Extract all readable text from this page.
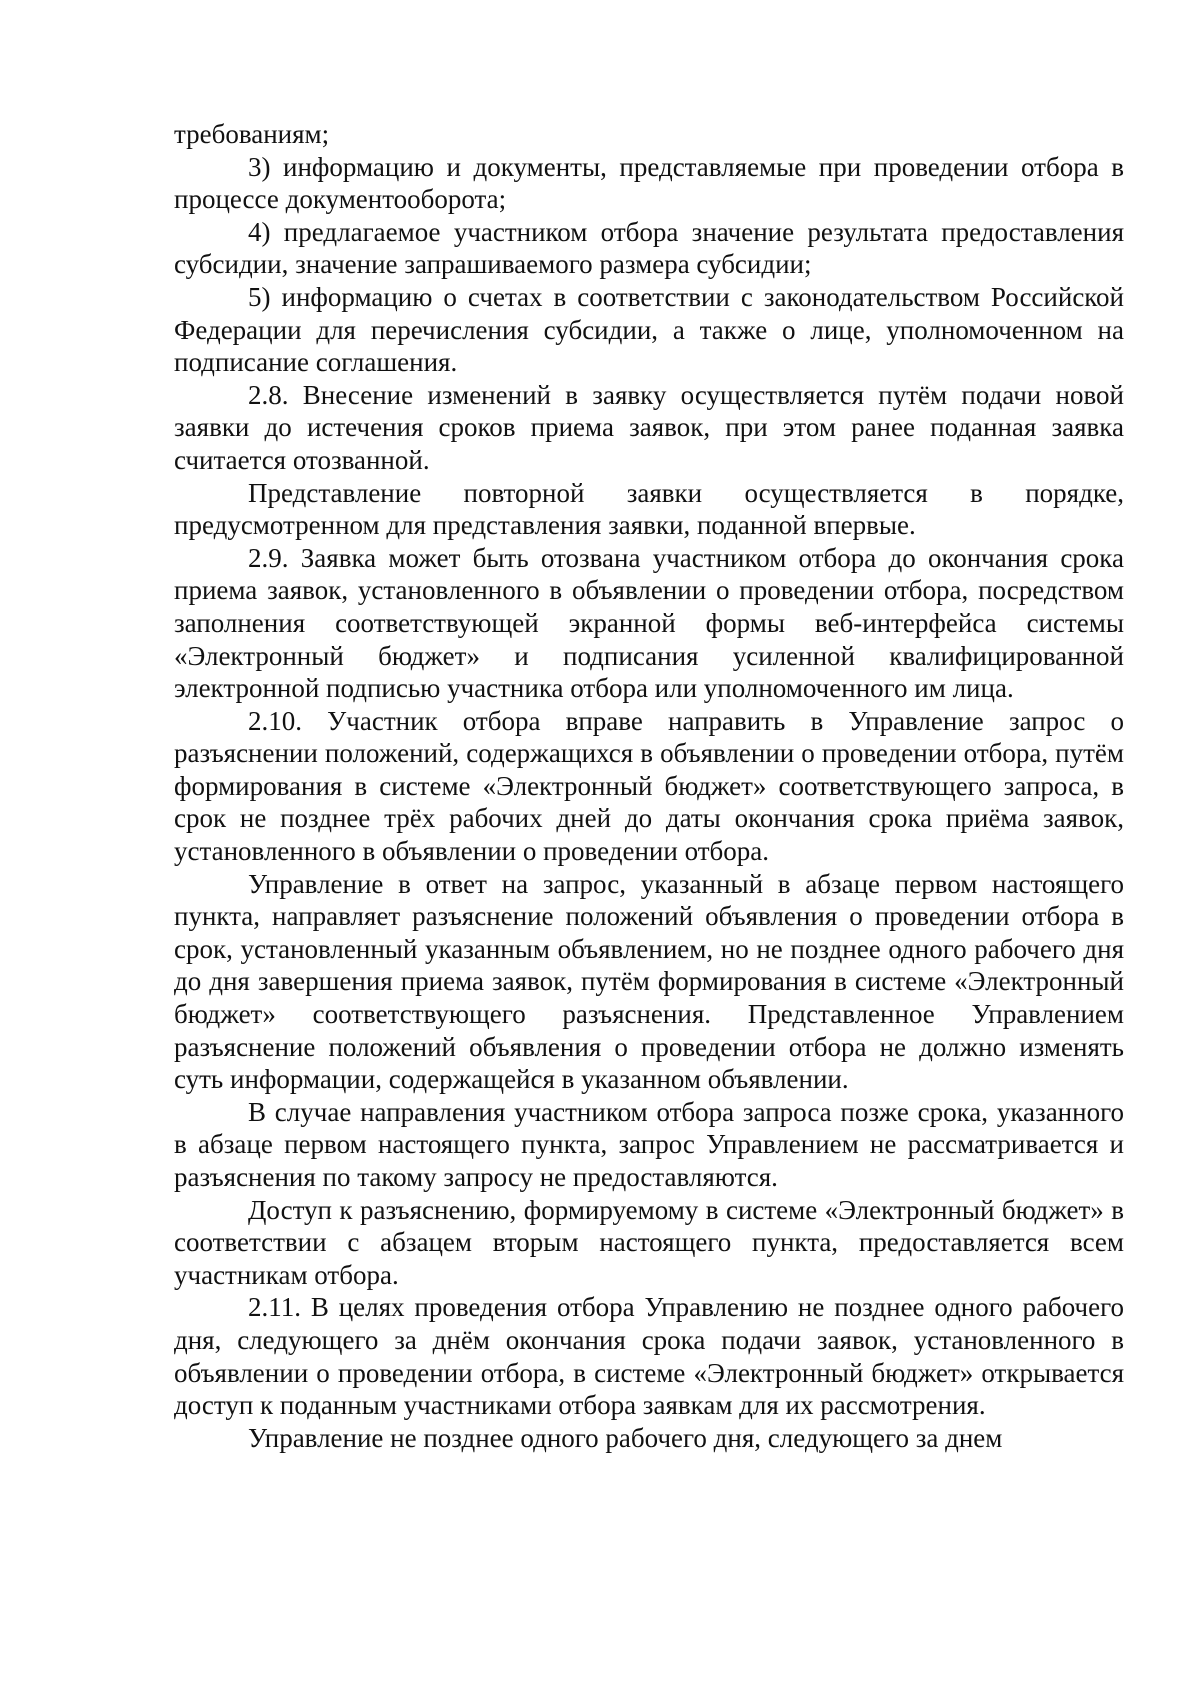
требованиям;

3) информацию и документы, представляемые при проведении отбора в процессе документооборота;

4) предлагаемое участником отбора значение результата предоставления субсидии, значение запрашиваемого размера субсидии;

5) информацию о счетах в соответствии с законодательством Российской Федерации для перечисления субсидии, а также о лице, уполномоченном на подписание соглашения.

2.8. Внесение изменений в заявку осуществляется путём подачи новой заявки до истечения сроков приема заявок, при этом ранее поданная заявка считается отозванной.

Представление повторной заявки осуществляется в порядке, предусмотренном для представления заявки, поданной впервые.

2.9. Заявка может быть отозвана участником отбора до окончания срока приема заявок, установленного в объявлении о проведении отбора, посредством заполнения соответствующей экранной формы веб-интерфейса системы «Электронный бюджет» и подписания усиленной квалифицированной электронной подписью участника отбора или уполномоченного им лица.

2.10. Участник отбора вправе направить в Управление запрос о разъяснении положений, содержащихся в объявлении о проведении отбора, путём формирования в системе «Электронный бюджет» соответствующего запроса, в срок не позднее трёх рабочих дней до даты окончания срока приёма заявок, установленного в объявлении о проведении отбора.

Управление в ответ на запрос, указанный в абзаце первом настоящего пункта, направляет разъяснение положений объявления о проведении отбора в срок, установленный указанным объявлением, но не позднее одного рабочего дня до дня завершения приема заявок, путём формирования в системе «Электронный бюджет» соответствующего разъяснения. Представленное Управлением разъяснение положений объявления о проведении отбора не должно изменять суть информации, содержащейся в указанном объявлении.

В случае направления участником отбора запроса позже срока, указанного в абзаце первом настоящего пункта, запрос Управлением не рассматривается и разъяснения по такому запросу не предоставляются.

Доступ к разъяснению, формируемому в системе «Электронный бюджет» в соответствии с абзацем вторым настоящего пункта, предоставляется всем участникам отбора.

2.11. В целях проведения отбора Управлению не позднее одного рабочего дня, следующего за днём окончания срока подачи заявок, установленного в объявлении о проведении отбора, в системе «Электронный бюджет» открывается доступ к поданным участниками отбора заявкам для их рассмотрения.

Управление не позднее одного рабочего дня, следующего за днем
